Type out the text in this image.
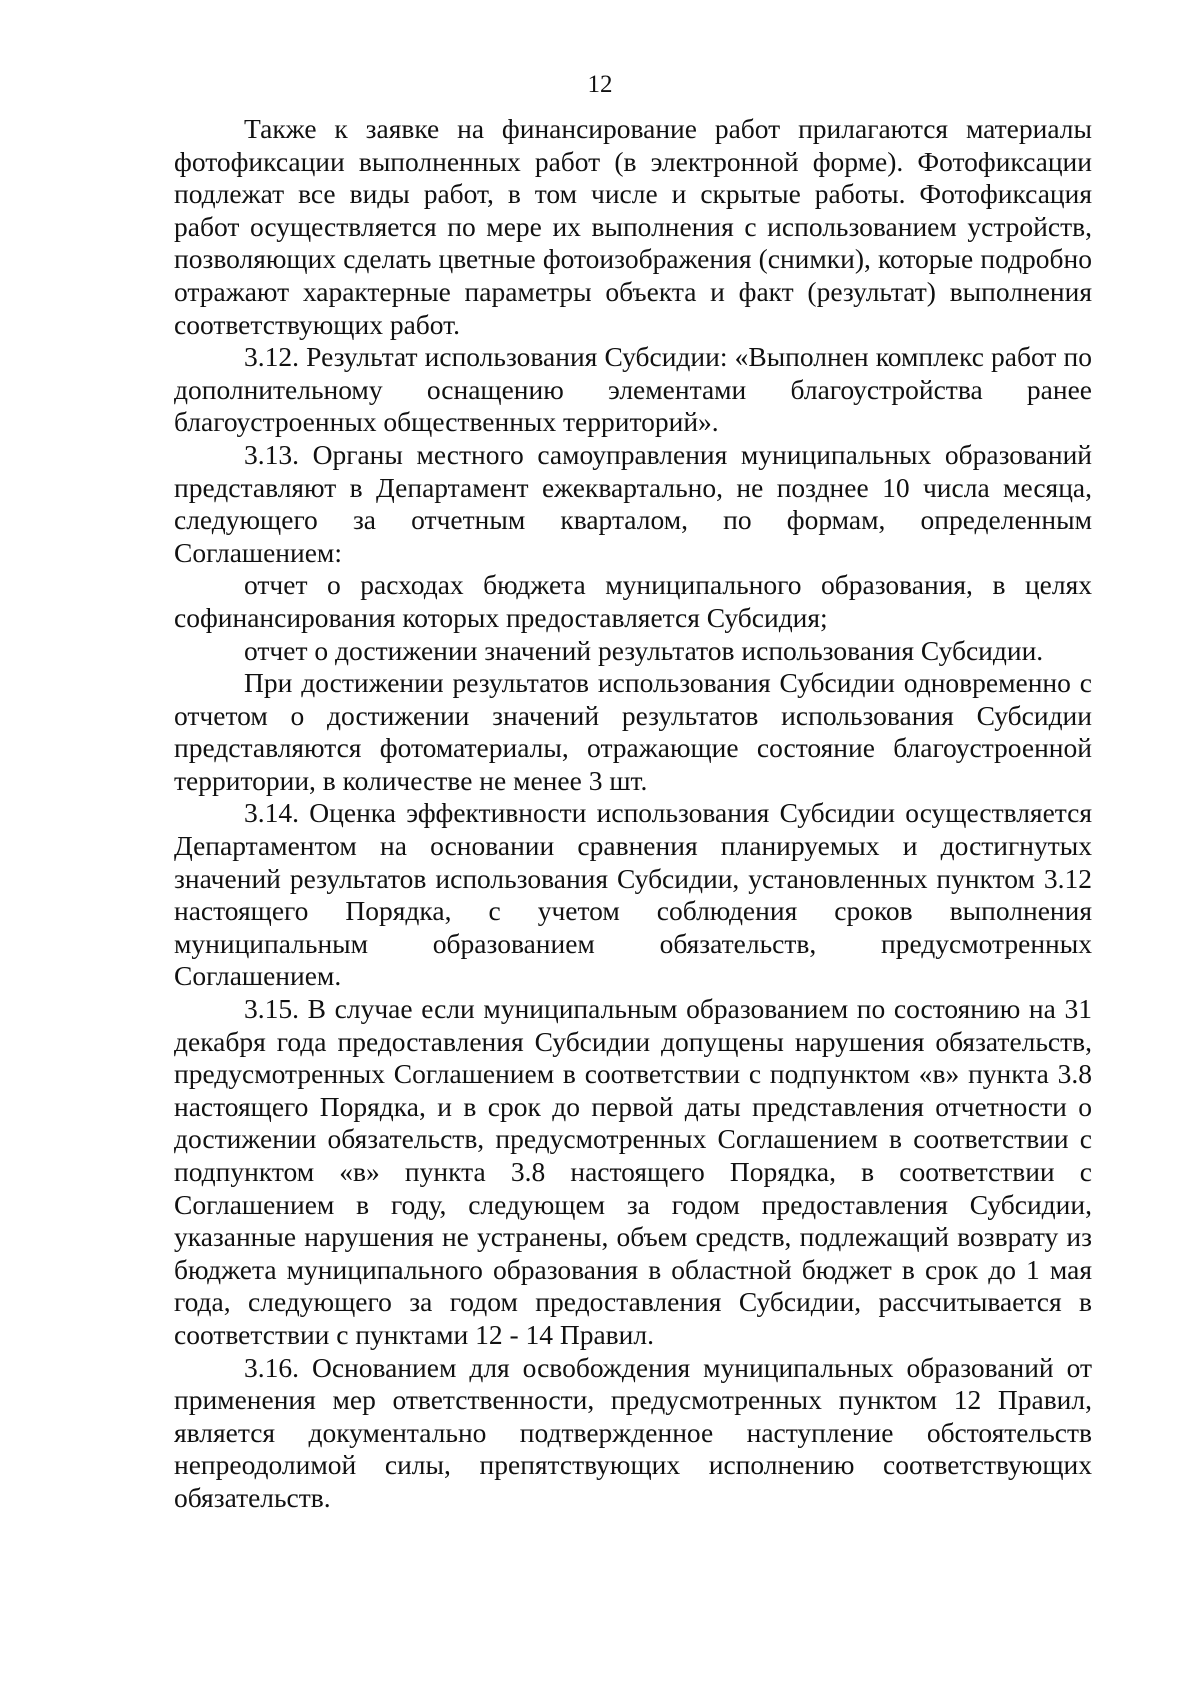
12

Также к заявке на финансирование работ прилагаются материалы фотофиксации выполненных работ (в электронной форме). Фотофиксации подлежат все виды работ, в том числе и скрытые работы. Фотофиксация работ осуществляется по мере их выполнения с использованием устройств, позволяющих сделать цветные фотоизображения (снимки), которые подробно отражают характерные параметры объекта и факт (результат) выполнения соответствующих работ.

3.12. Результат использования Субсидии: «Выполнен комплекс работ по дополнительному оснащению элементами благоустройства ранее благоустроенных общественных территорий».

3.13. Органы местного самоуправления муниципальных образований представляют в Департамент ежеквартально, не позднее 10 числа месяца, следующего за отчетным кварталом, по формам, определенным Соглашением:

отчет о расходах бюджета муниципального образования, в целях софинансирования которых предоставляется Субсидия;

отчет о достижении значений результатов использования Субсидии.

При достижении результатов использования Субсидии одновременно с отчетом о достижении значений результатов использования Субсидии представляются фотоматериалы, отражающие состояние благоустроенной территории, в количестве не менее 3 шт.

3.14. Оценка эффективности использования Субсидии осуществляется Департаментом на основании сравнения планируемых и достигнутых значений результатов использования Субсидии, установленных пунктом 3.12 настоящего Порядка, с учетом соблюдения сроков выполнения муниципальным образованием обязательств, предусмотренных Соглашением.

3.15. В случае если муниципальным образованием по состоянию на 31 декабря года предоставления Субсидии допущены нарушения обязательств, предусмотренных Соглашением в соответствии с подпунктом «в» пункта 3.8 настоящего Порядка, и в срок до первой даты представления отчетности о достижении обязательств, предусмотренных Соглашением в соответствии с подпунктом «в» пункта 3.8 настоящего Порядка, в соответствии с Соглашением в году, следующем за годом предоставления Субсидии, указанные нарушения не устранены, объем средств, подлежащий возврату из бюджета муниципального образования в областной бюджет в срок до 1 мая года, следующего за годом предоставления Субсидии, рассчитывается в соответствии с пунктами 12 - 14 Правил.

3.16. Основанием для освобождения муниципальных образований от применения мер ответственности, предусмотренных пунктом 12 Правил, является документально подтвержденное наступление обстоятельств непреодолимой силы, препятствующих исполнению соответствующих обязательств.
